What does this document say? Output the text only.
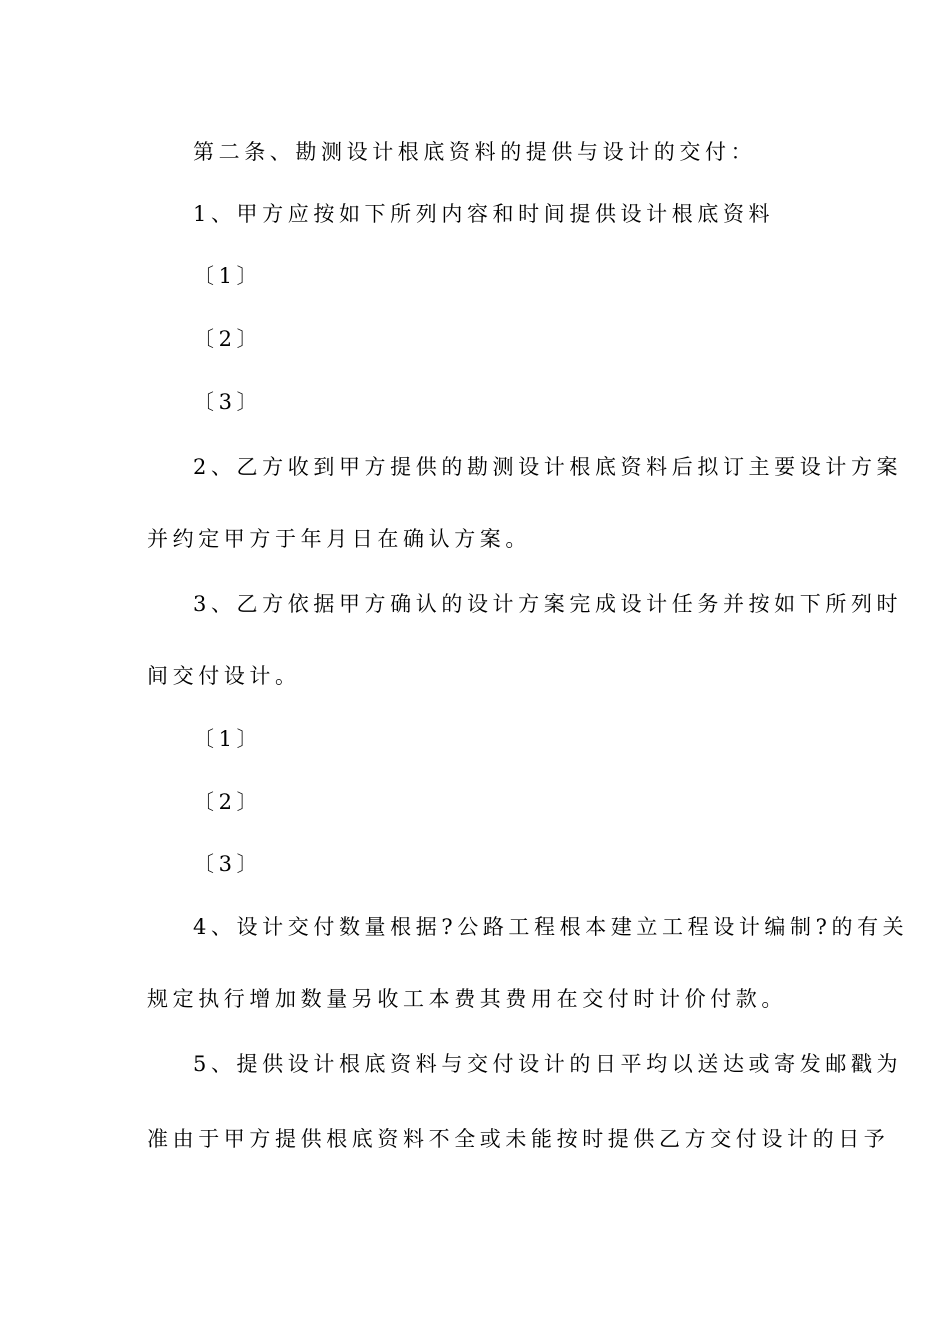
第二条、勘测设计根底资料的提供与设计的交付：
1、甲方应按如下所列内容和时间提供设计根底资料
〔1〕
〔2〕
〔3〕
2、乙方收到甲方提供的勘测设计根底资料后拟订主要设计方案
并约定甲方于年月日在确认方案。
3、乙方依据甲方确认的设计方案完成设计任务并按如下所列时
间交付设计。
〔1〕
〔2〕
〔3〕
4、设计交付数量根据?公路工程根本建立工程设计编制?的有关
规定执行增加数量另收工本费其费用在交付时计价付款。
5、提供设计根底资料与交付设计的日平均以送达或寄发邮戳为
准由于甲方提供根底资料不全或未能按时提供乙方交付设计的日予
